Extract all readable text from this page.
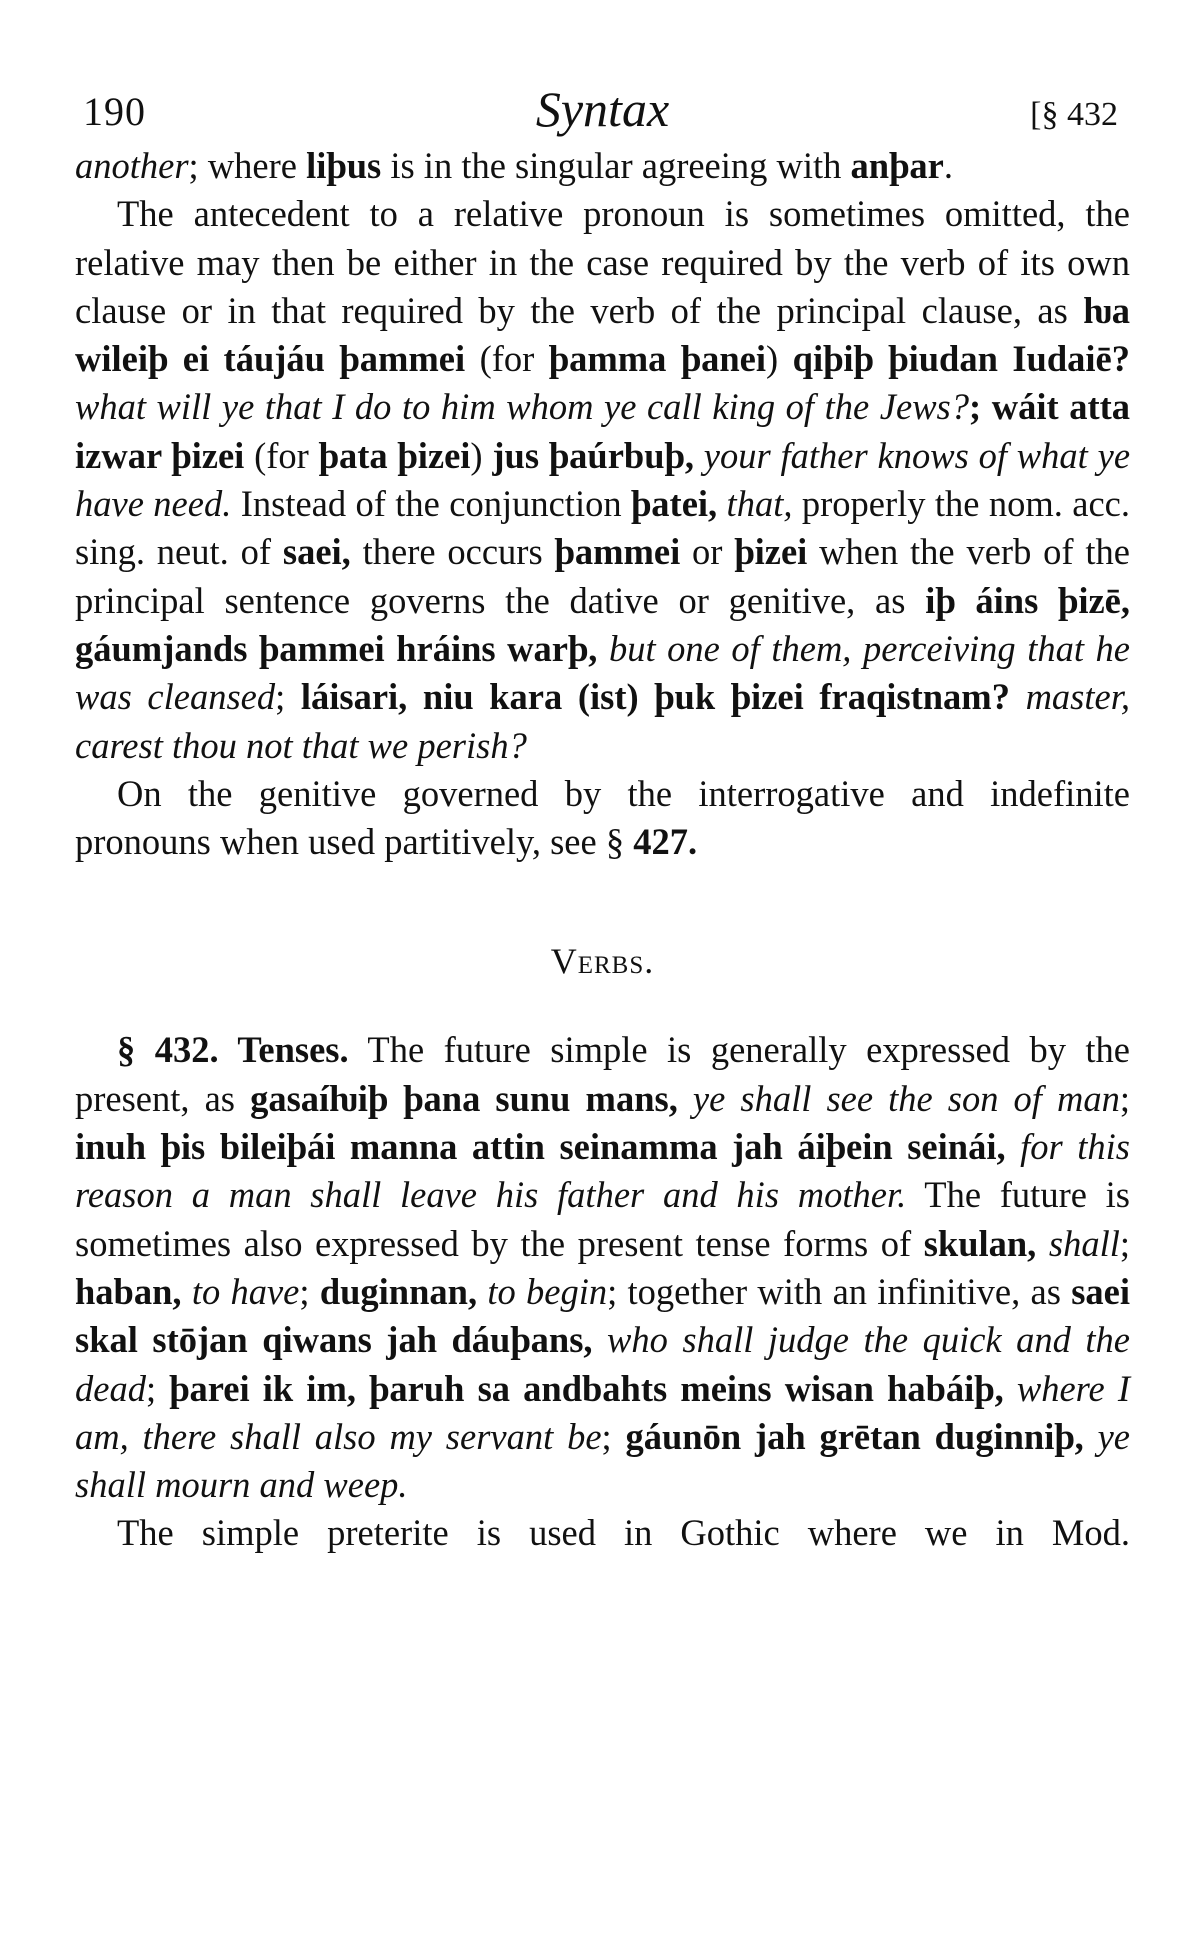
190	Syntax	[§ 432

another; where liþus is in the singular agreeing with anþar.

The antecedent to a relative pronoun is sometimes omitted, the relative may then be either in the case required by the verb of its own clause or in that required by the verb of the principal clause, as ƕa wileiþ ei táujáu þammei (for þamma þanei) qiþiþ þiudan Iudaiē? what will ye that I do to him whom ye call king of the Jews?; wáit atta izwar þizei (for þata þizei) jus þaúrbuþ, your father knows of what ye have need. Instead of the conjunction þatei, that, properly the nom. acc. sing. neut. of saei, there occurs þammei or þizei when the verb of the principal sentence governs the dative or genitive, as iþ áins þizē, gáumjands þammei hráins warþ, but one of them, perceiving that he was cleansed; láisari, niu kara (ist) þuk þizei fraqistnam? master, carest thou not that we perish?

On the genitive governed by the interrogative and indefinite pronouns when used partitively, see § 427.

Verbs.

§ 432. Tenses. The future simple is generally expressed by the present, as gasaíƕiþ þana sunu mans, ye shall see the son of man; inuh þis bileiþái manna attin seinamma jah áiþein seinái, for this reason a man shall leave his father and his mother. The future is sometimes also expressed by the present tense forms of skulan, shall; haban, to have; duginnan, to begin; together with an infinitive, as saei skal stōjan qiwans jah dáuþans, who shall judge the quick and the dead; þarei ik im, þaruh sa andbahts meins wisan habáiþ, where I am, there shall also my servant be; gáunōn jah grētan duginniþ, ye shall mourn and weep.

The simple preterite is used in Gothic where we in Mod.
